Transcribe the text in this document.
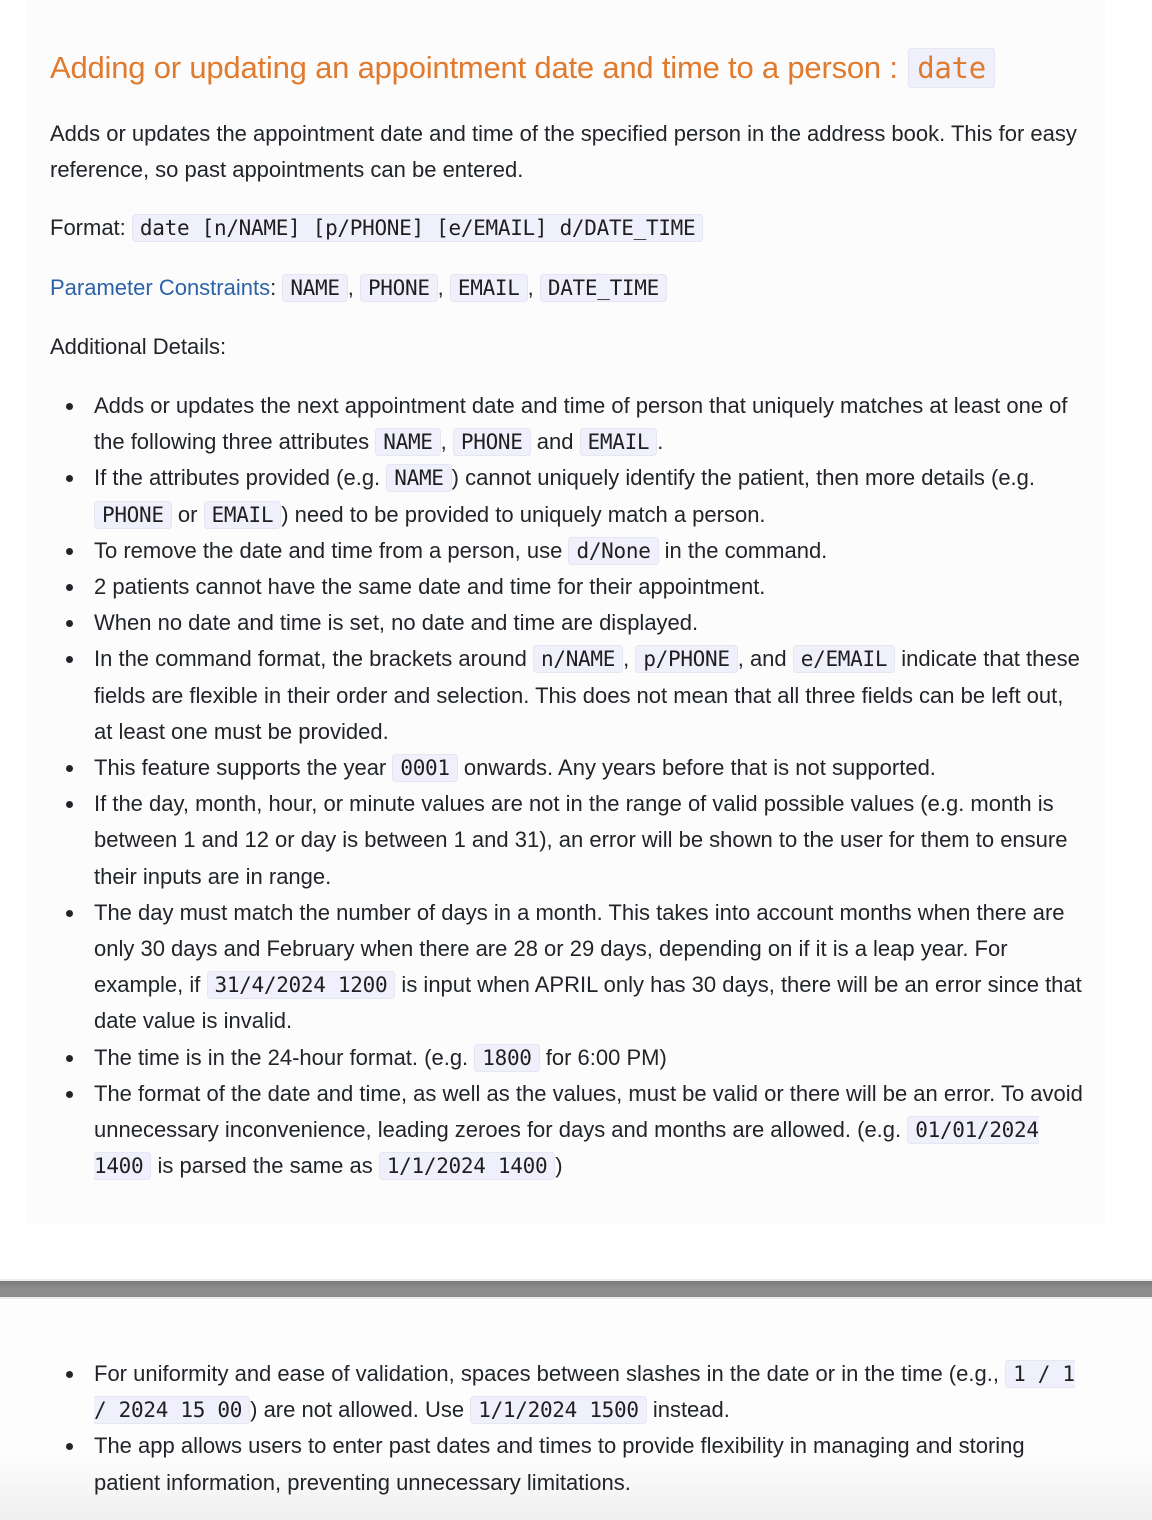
Adding or updating an appointment date and time to a person : date

Adds or updates the appointment date and time of the specified person in the address book. This for easy reference, so past appointments can be entered.

Format: date [n/NAME] [p/PHONE] [e/EMAIL] d/DATE_TIME

Parameter Constraints: NAME , PHONE , EMAIL , DATE_TIME

Additional Details:

Adds or updates the next appointment date and time of person that uniquely matches at least one of the following three attributes NAME , PHONE and EMAIL .
If the attributes provided (e.g. NAME ) cannot uniquely identify the patient, then more details (e.g. PHONE or EMAIL ) need to be provided to uniquely match a person.
To remove the date and time from a person, use d/None in the command.
2 patients cannot have the same date and time for their appointment.
When no date and time is set, no date and time are displayed.
In the command format, the brackets around n/NAME , p/PHONE , and e/EMAIL indicate that these fields are flexible in their order and selection. This does not mean that all three fields can be left out, at least one must be provided.
This feature supports the year 0001 onwards. Any years before that is not supported.
If the day, month, hour, or minute values are not in the range of valid possible values (e.g. month is between 1 and 12 or day is between 1 and 31), an error will be shown to the user for them to ensure their inputs are in range.
The day must match the number of days in a month. This takes into account months when there are only 30 days and February when there are 28 or 29 days, depending on if it is a leap year. For example, if 31/4/2024 1200 is input when APRIL only has 30 days, there will be an error since that date value is invalid.
The time is in the 24-hour format. (e.g. 1800 for 6:00 PM)
The format of the date and time, as well as the values, must be valid or there will be an error. To avoid unnecessary inconvenience, leading zeroes for days and months are allowed. (e.g. 01/01/2024 1400 is parsed the same as 1/1/2024 1400 )
For uniformity and ease of validation, spaces between slashes in the date or in the time (e.g., 1 / 1 / 2024 15 00 ) are not allowed. Use 1/1/2024 1500 instead.
The app allows users to enter past dates and times to provide flexibility in managing and storing patient information, preventing unnecessary limitations.
